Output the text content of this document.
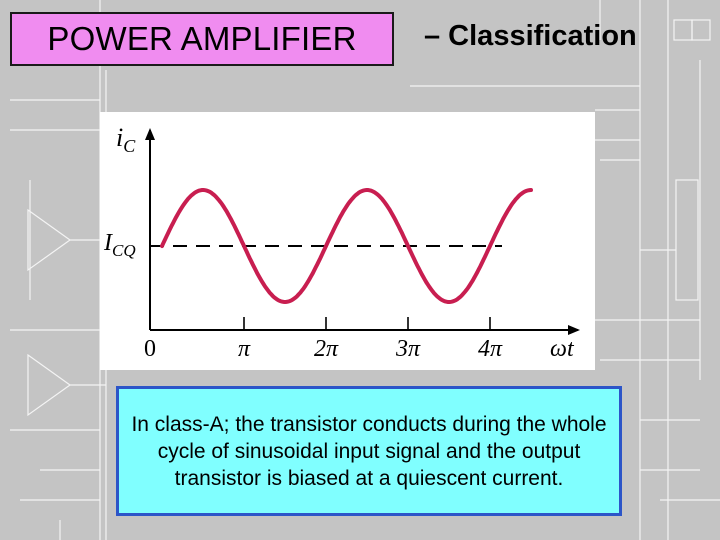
POWER AMPLIFIER – Classification
π	2π 3π 4π
$i_C$
$I_{CQ}$
0	ωt
In class-A; the transistor conducts during the whole cycle of sinusoidal input signal and the output transistor is biased at a quiescent current.
